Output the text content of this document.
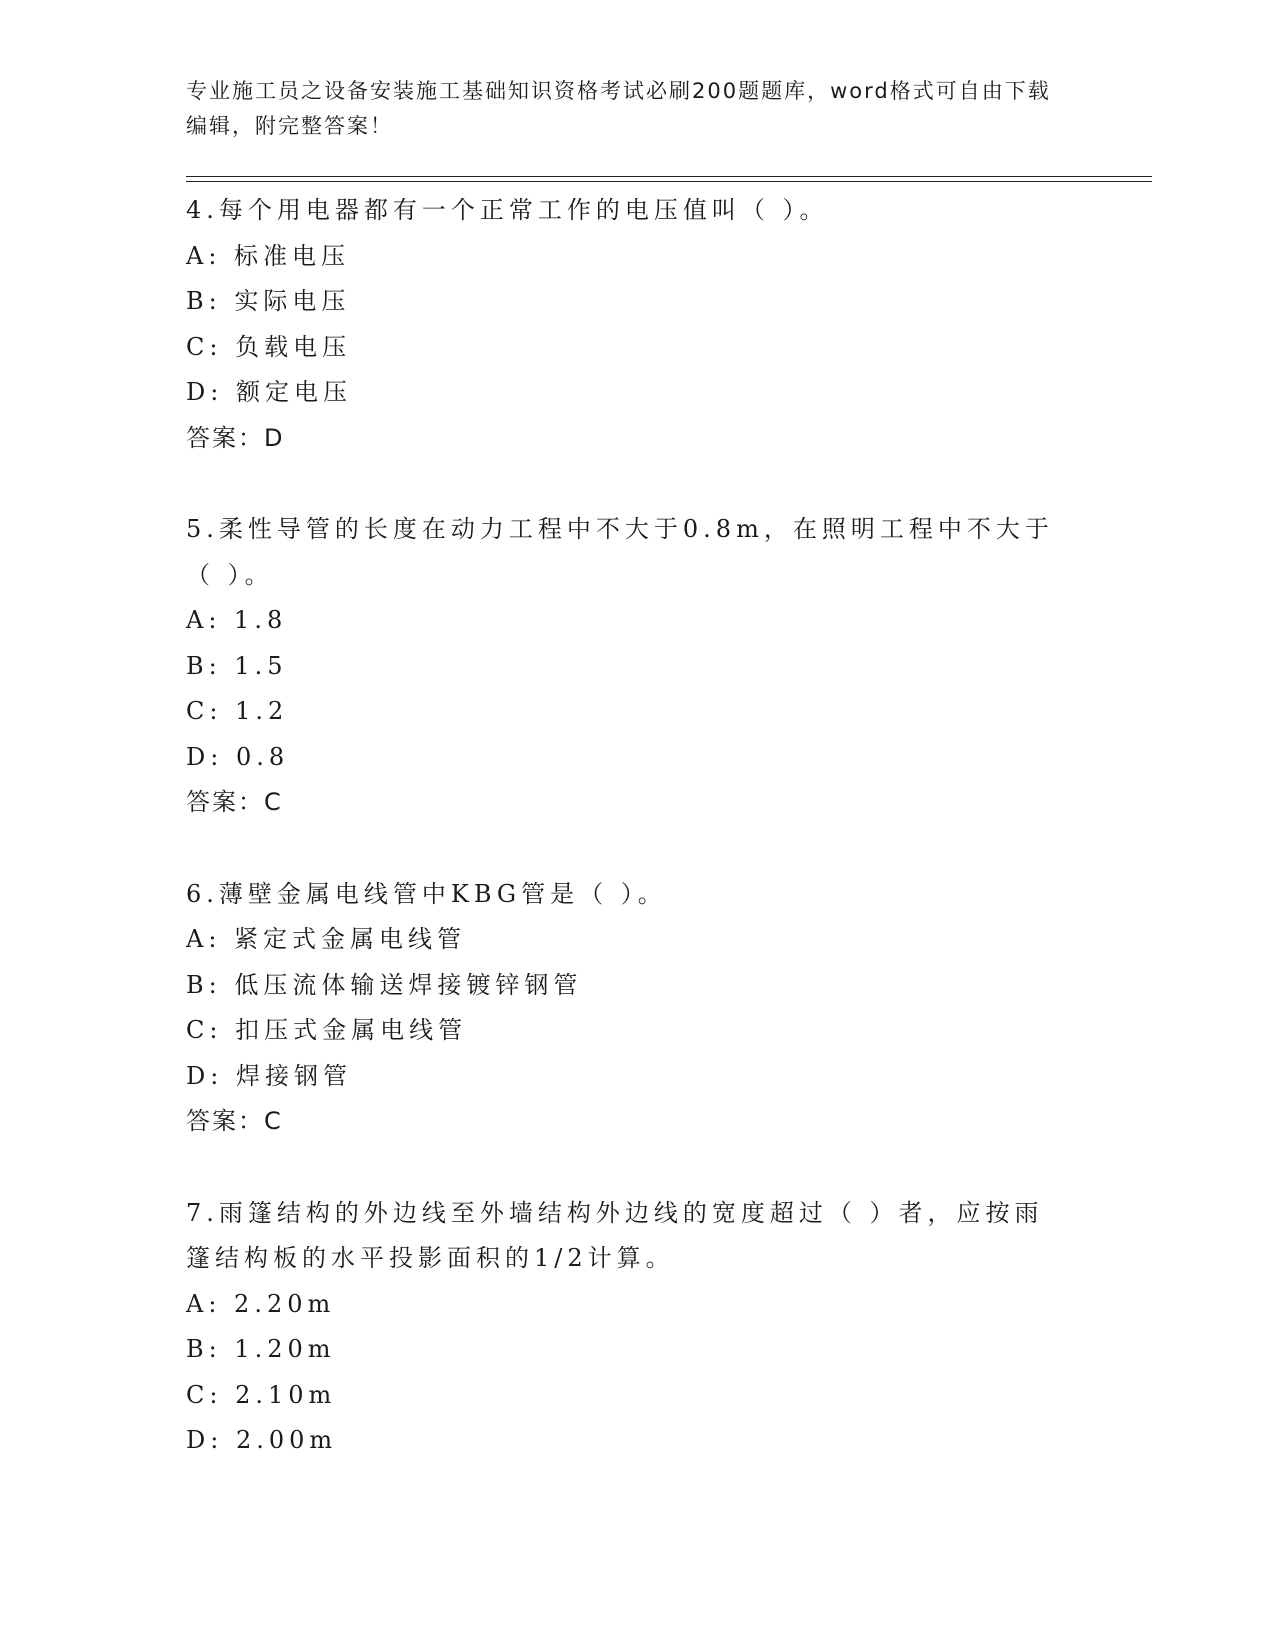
专业施工员之设备安装施工基础知识资格考试必刷200题题库，word格式可自由下载编辑，附完整答案！
4.每个用电器都有一个正常工作的电压值叫（ ）。
A: 标准电压
B: 实际电压
C: 负载电压
D: 额定电压
答案：D
5.柔性导管的长度在动力工程中不大于0.8m，在照明工程中不大于（ ）。
A: 1.8
B: 1.5
C: 1.2
D: 0.8
答案：C
6.薄壁金属电线管中KBG管是（ ）。
A: 紧定式金属电线管
B: 低压流体输送焊接镀锌钢管
C: 扣压式金属电线管
D: 焊接钢管
答案：C
7.雨篷结构的外边线至外墙结构外边线的宽度超过（ ）者，应按雨篷结构板的水平投影面积的1/2计算。
A: 2.20m
B: 1.20m
C: 2.10m
D: 2.00m
